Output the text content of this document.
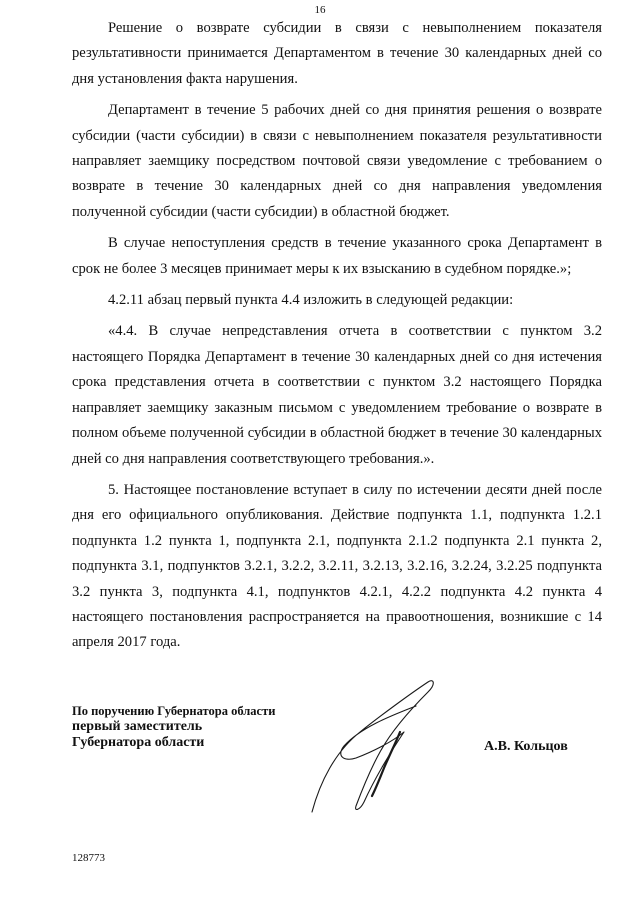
16

Решение о возврате субсидии в связи с невыполнением показателя результативности принимается Департаментом в течение 30 календарных дней со дня установления факта нарушения.

Департамент в течение 5 рабочих дней со дня принятия решения о возврате субсидии (части субсидии) в связи с невыполнением показателя результативности направляет заемщику посредством почтовой связи уведомление с требованием о возврате в течение 30 календарных дней со дня направления уведомления полученной субсидии (части субсидии) в областной бюджет.

В случае непоступления средств в течение указанного срока Департамент в срок не более 3 месяцев принимает меры к их взысканию в судебном порядке.»;

4.2.11 абзац первый пункта 4.4 изложить в следующей редакции:

«4.4. В случае непредставления отчета в соответствии с пунктом 3.2 настоящего Порядка Департамент в течение 30 календарных дней со дня истечения срока представления отчета в соответствии с пунктом 3.2 настоящего Порядка направляет заемщику заказным письмом с уведомлением требование о возврате в полном объеме полученной субсидии в областной бюджет в течение 30 календарных дней со дня направления соответствующего требования.».

5. Настоящее постановление вступает в силу по истечении десяти дней после дня его официального опубликования. Действие подпункта 1.1, подпункта 1.2.1 подпункта 1.2 пункта 1, подпункта 2.1, подпункта 2.1.2 подпункта 2.1 пункта 2, подпункта 3.1, подпунктов 3.2.1, 3.2.2, 3.2.11, 3.2.13, 3.2.16, 3.2.24, 3.2.25 подпункта 3.2 пункта 3, подпункта 4.1, подпунктов 4.2.1, 4.2.2 подпункта 4.2 пункта 4 настоящего постановления распространяется на правоотношения, возникшие с 14 апреля 2017 года.

По поручению Губернатора области
первый заместитель
Губернатора области	А.В. Кольцов
128773
